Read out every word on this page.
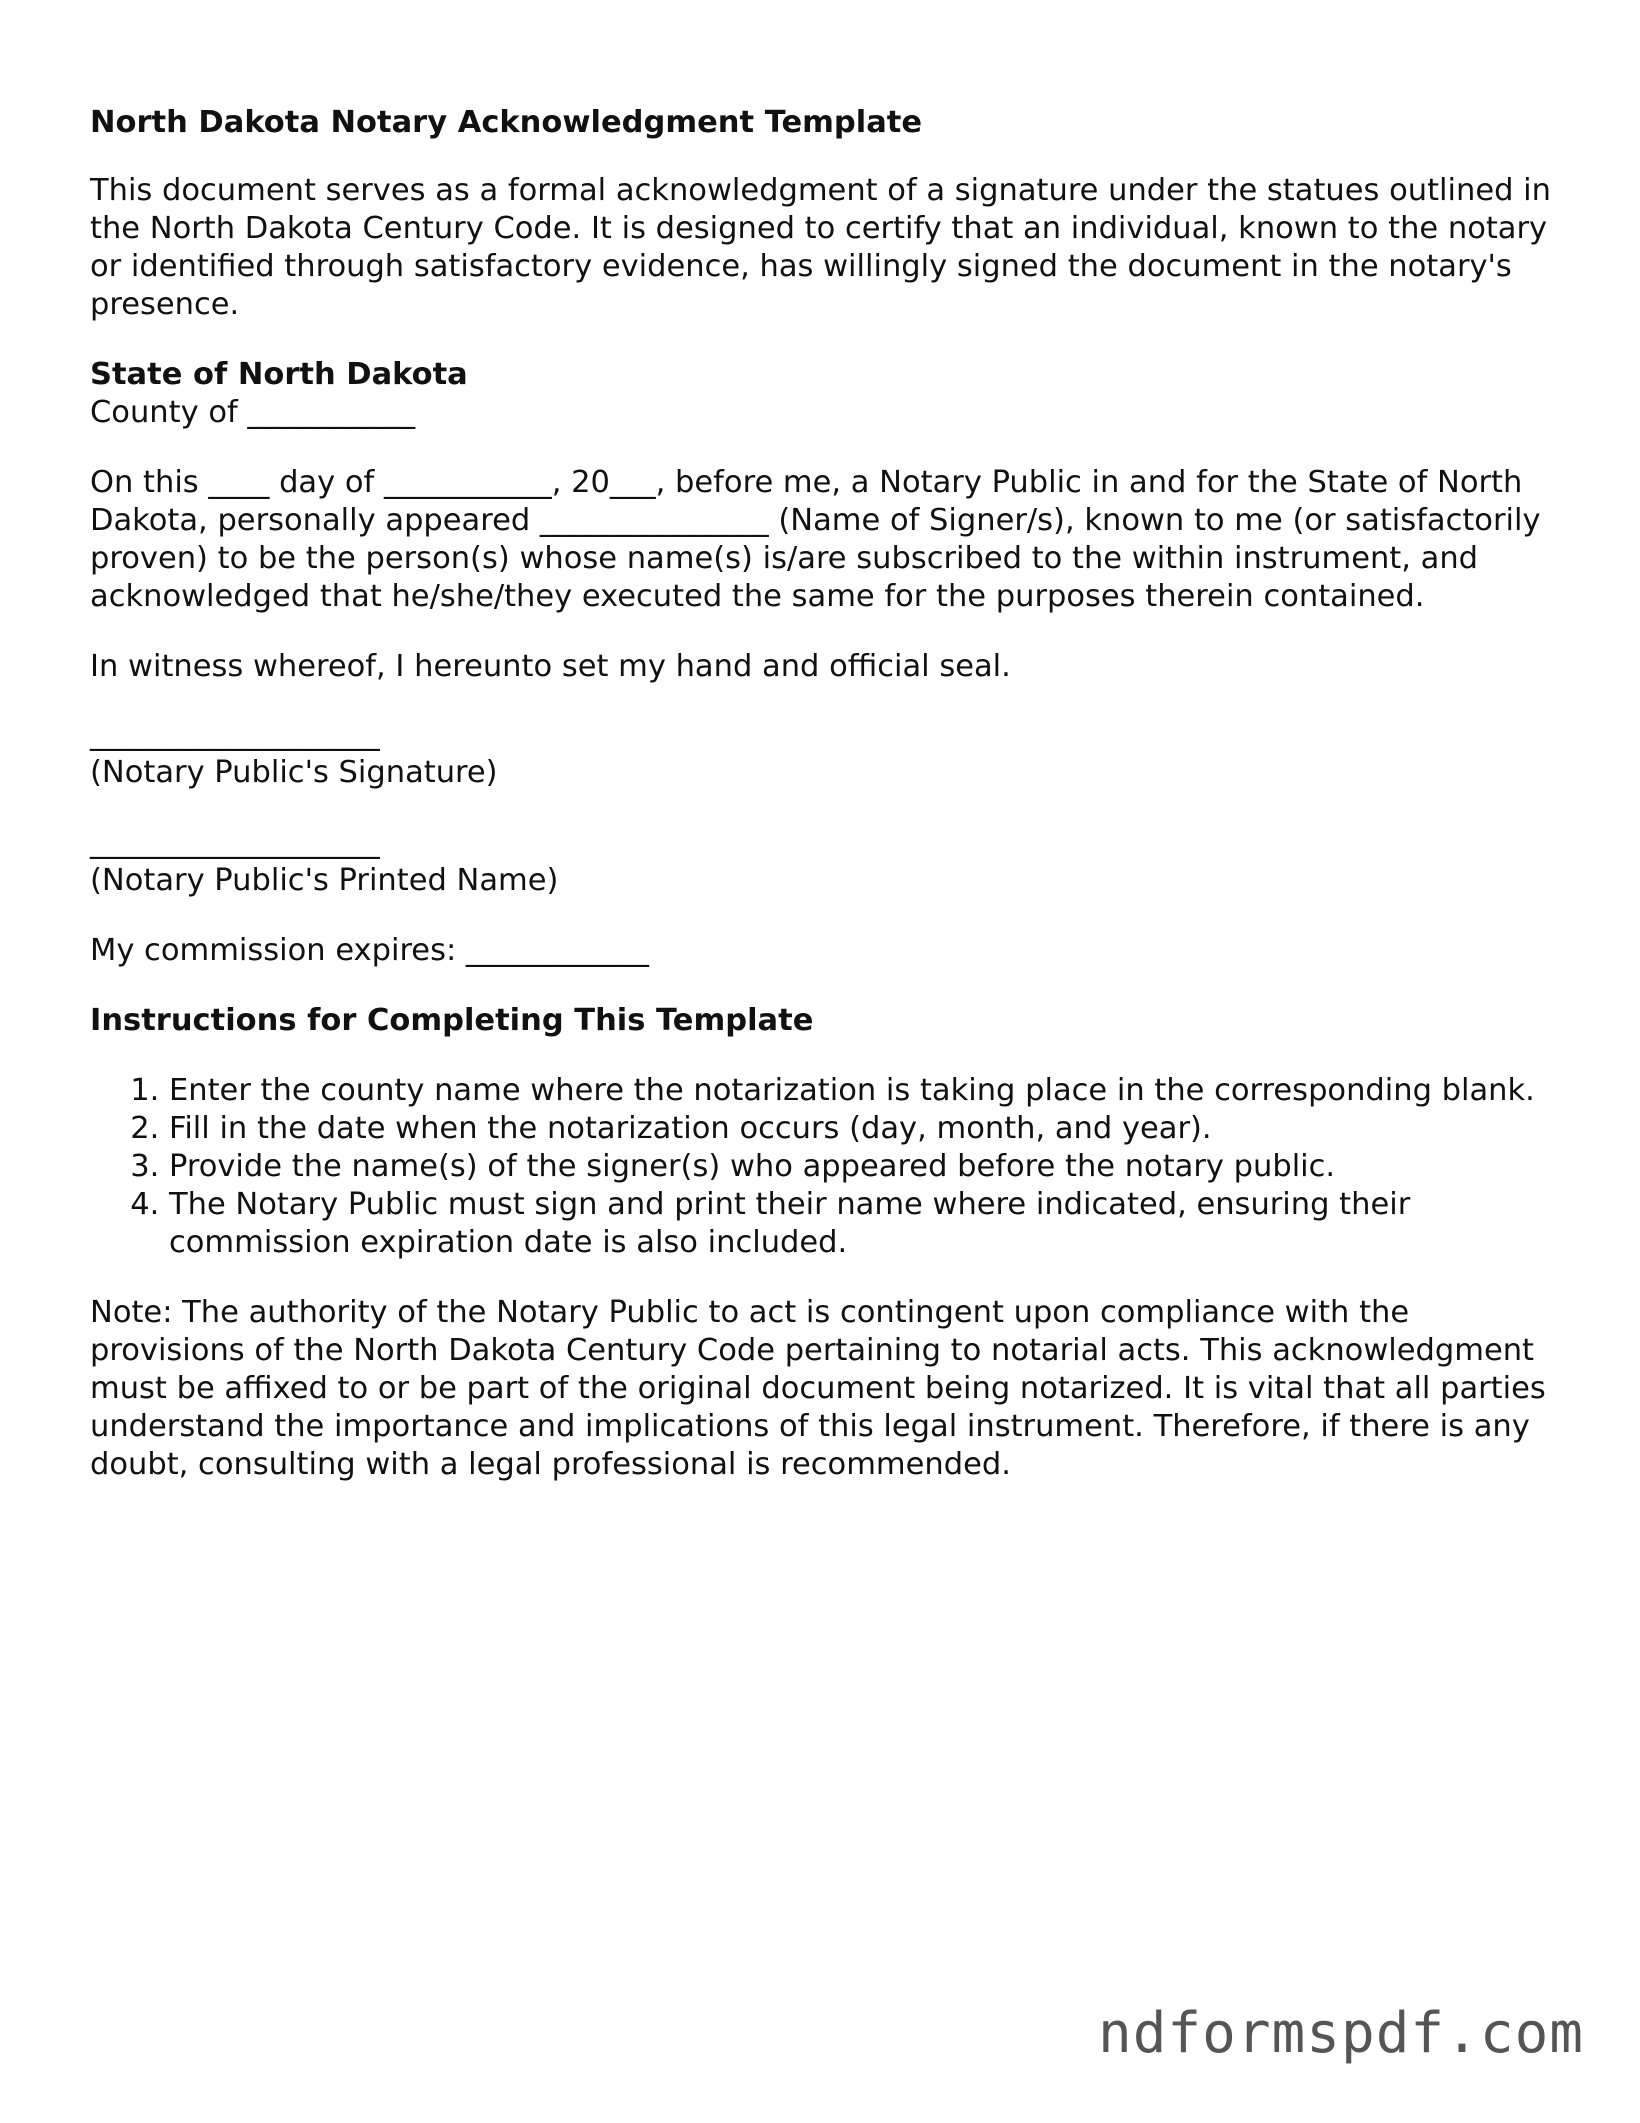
North Dakota Notary Acknowledgment Template

This document serves as a formal acknowledgment of a signature under the statues outlined in the North Dakota Century Code. It is designed to certify that an individual, known to the notary or identified through satisfactory evidence, has willingly signed the document in the notary's presence.

State of North Dakota

County of ___________

On this ____ day of ___________, 20___, before me, a Notary Public in and for the State of North Dakota, personally appeared _______________ (Name of Signer/s), known to me (or satisfactorily proven) to be the person(s) whose name(s) is/are subscribed to the within instrument, and acknowledged that he/she/they executed the same for the purposes therein contained.

In witness whereof, I hereunto set my hand and official seal.

___________________

(Notary Public's Signature)

___________________

(Notary Public's Printed Name)

My commission expires: ____________

Instructions for Completing This Template
1. Enter the county name where the notarization is taking place in the corresponding blank.
2. Fill in the date when the notarization occurs (day, month, and year).
3. Provide the name(s) of the signer(s) who appeared before the notary public.
4. The Notary Public must sign and print their name where indicated, ensuring their commission expiration date is also included.

Note: The authority of the Notary Public to act is contingent upon compliance with the provisions of the North Dakota Century Code pertaining to notarial acts. This acknowledgment must be affixed to or be part of the original document being notarized. It is vital that all parties understand the importance and implications of this legal instrument. Therefore, if there is any doubt, consulting with a legal professional is recommended.

ndformspdf.com
